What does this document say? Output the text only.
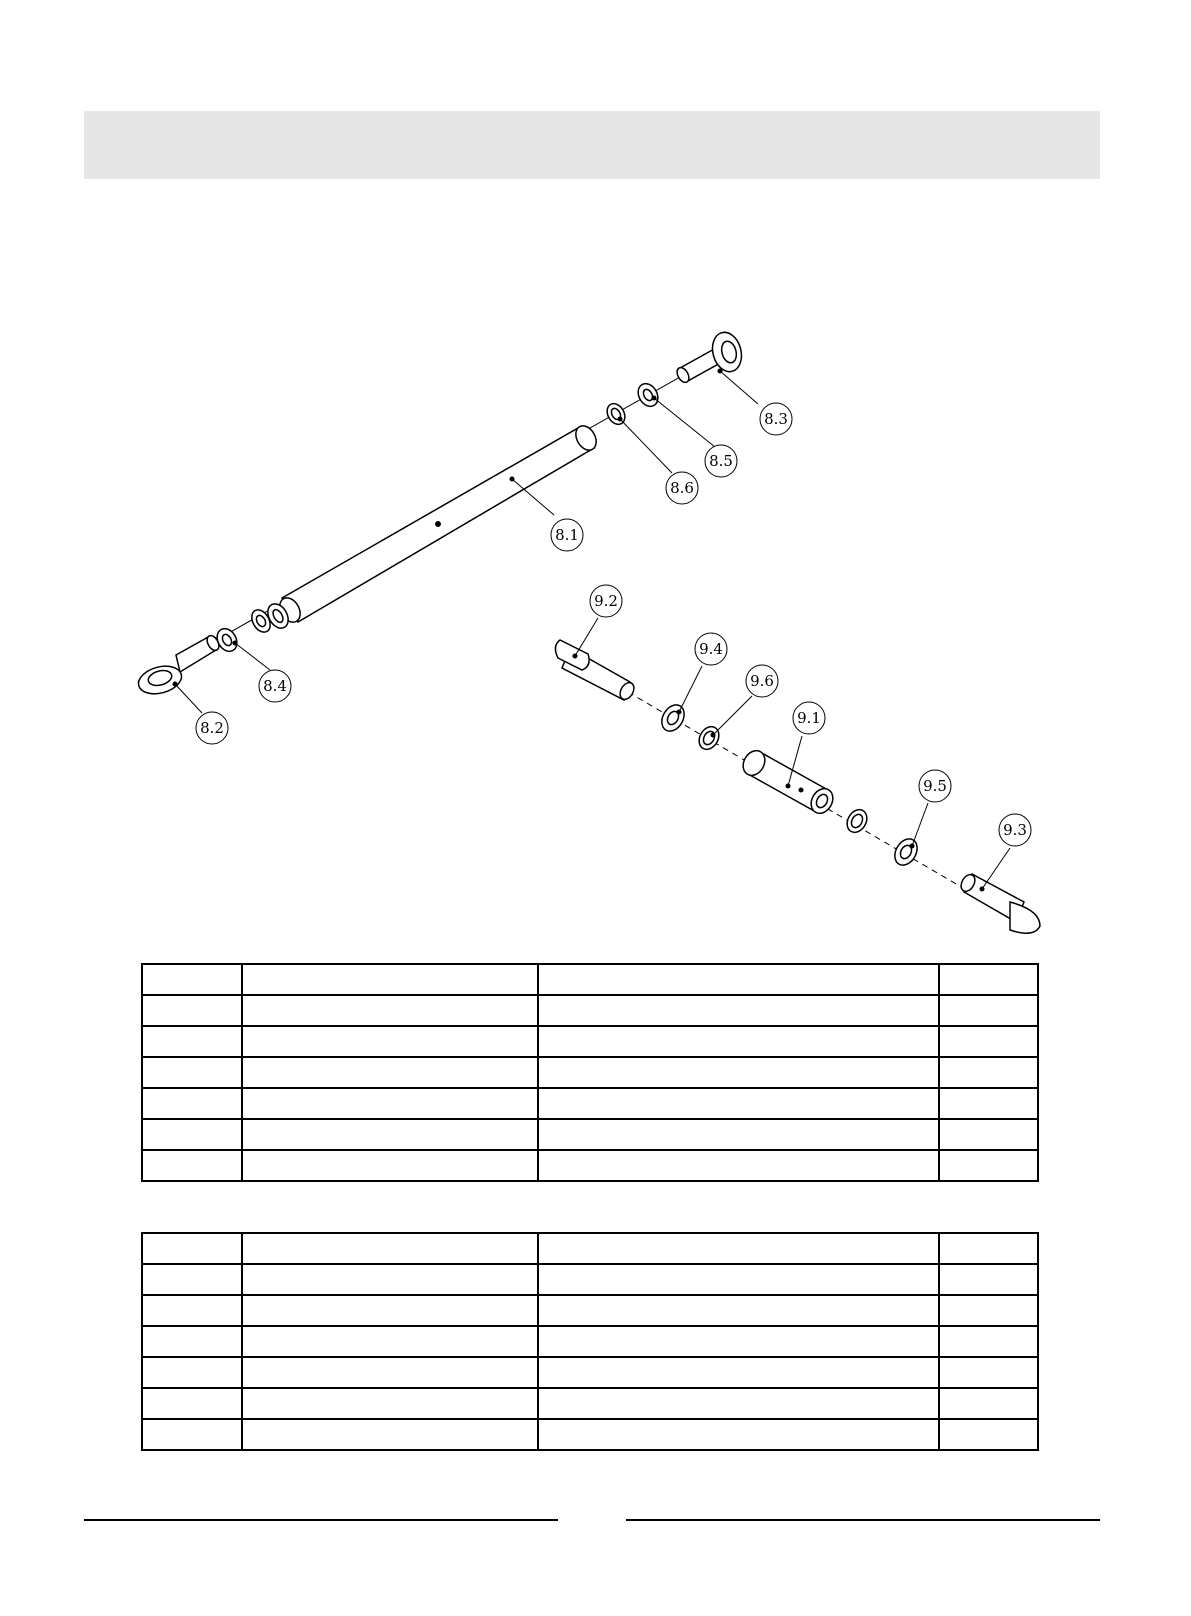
8.1
8.2
8.3
8.4
8.5
8.6
9.1
9.2
9.3
9.4
9.5
9.6
